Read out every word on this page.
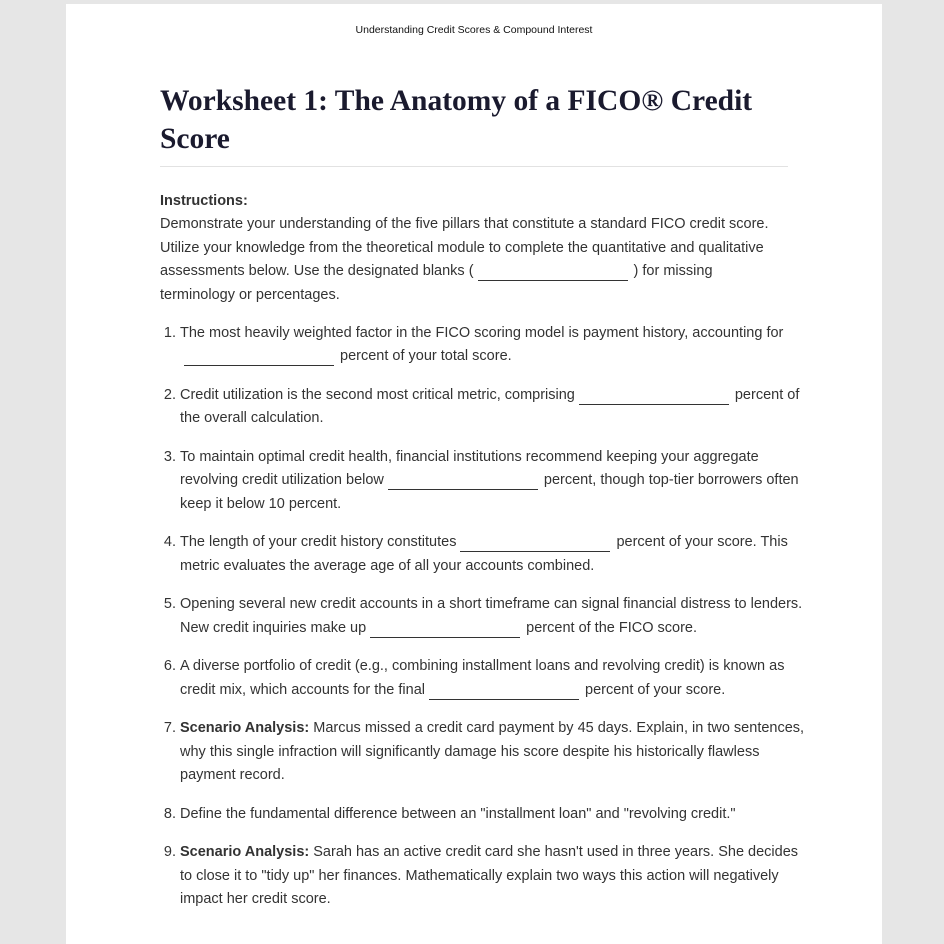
Understanding Credit Scores & Compound Interest
Worksheet 1: The Anatomy of a FICO® Credit Score
Instructions:
Demonstrate your understanding of the five pillars that constitute a standard FICO credit score. Utilize your knowledge from the theoretical module to complete the quantitative and qualitative assessments below. Use the designated blanks (	) for missing terminology or percentages.
1. The most heavily weighted factor in the FICO scoring model is payment history, accounting forpercent of your total score.
2. Credit utilization is the second most critical metric, comprising	percent of the overall calculation.
3. To maintain optimal credit health, financial institutions recommend keeping your aggregate revolving credit utilization below	percent, though top-tier borrowers often keep it below 10 percent.
4. The length of your credit history constitutes	percent of your score. This metric evaluates the average age of all your accounts combined.
5. Opening several new credit accounts in a short timeframe can signal financial distress to lenders. New credit inquiries make up	percent of the FICO score.
6. A diverse portfolio of credit (e.g., combining installment loans and revolving credit) is known as credit mix, which accounts for the final	percent of your score.
7. Scenario Analysis: Marcus missed a credit card payment by 45 days. Explain, in two sentences, why this single infraction will significantly damage his score despite his historically flawless payment record.
8. Define the fundamental difference between an "installment loan" and "revolving credit."
9. Scenario Analysis: Sarah has an active credit card she hasn't used in three years. She decides to close it to "tidy up" her finances. Mathematically explain two ways this action will negatively impact her credit score.
